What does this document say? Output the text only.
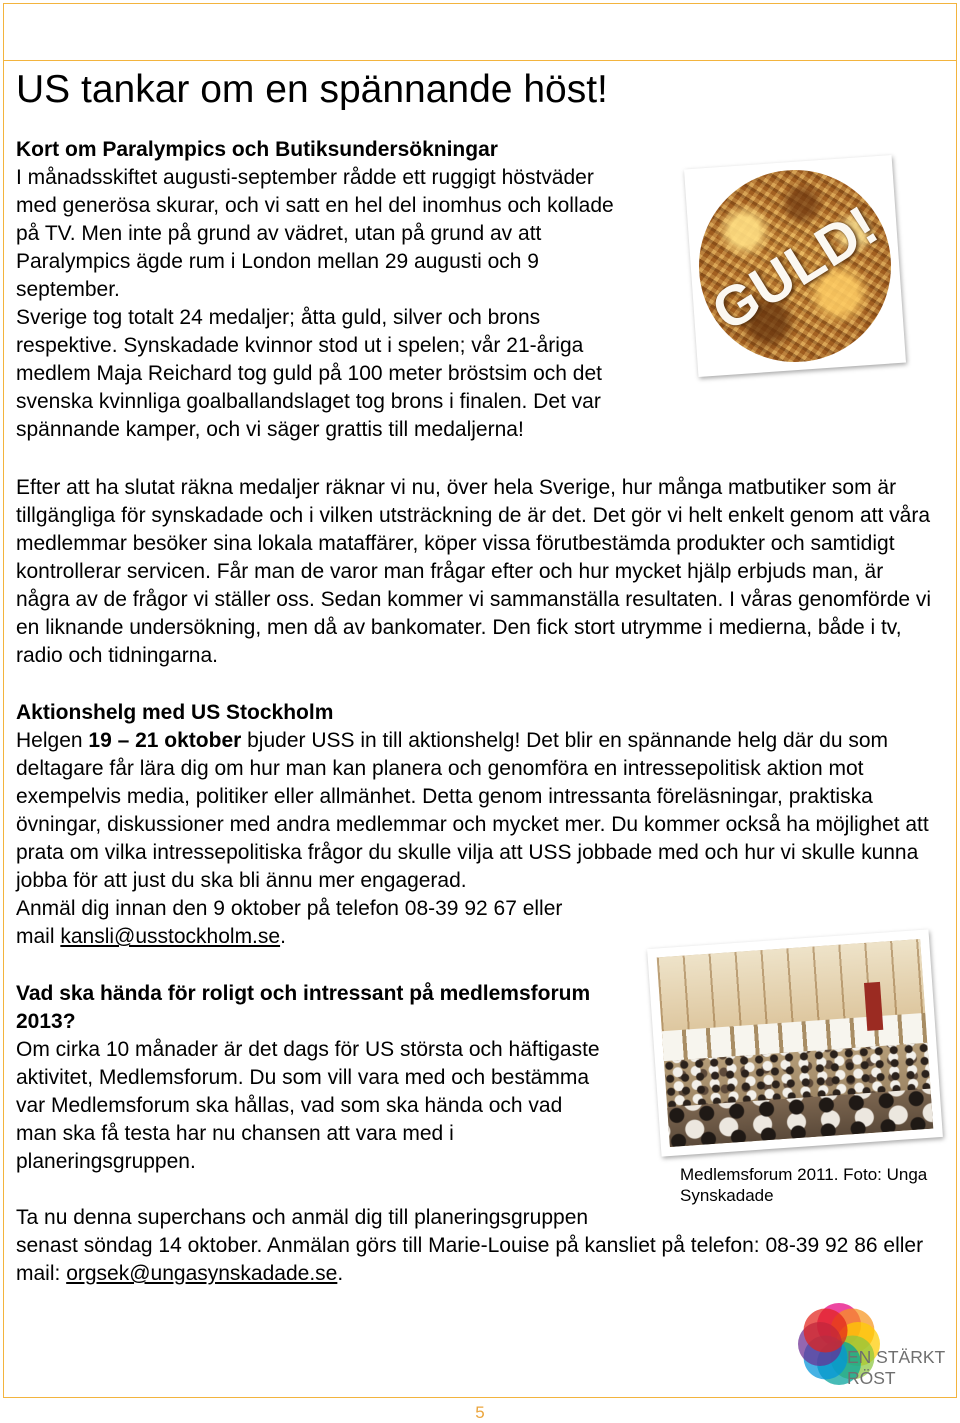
US tankar om en spännande höst!
Kort om Paralympics och Butiksundersökningar
I månadsskiftet augusti-september rådde ett ruggigt höstväder
med generösa skurar, och vi satt en hel del inomhus och kollade
på TV. Men inte på grund av vädret, utan på grund av att
Paralympics ägde rum i London mellan 29 augusti och 9
september.
Sverige tog totalt 24 medaljer; åtta guld, silver och brons
respektive. Synskadade kvinnor stod ut i spelen; vår 21-åriga
medlem Maja Reichard tog guld på 100 meter bröstsim och det
svenska kvinnliga goalballandslaget tog brons i finalen. Det var
spännande kamper, och vi säger grattis till medaljerna!
GULD!
Efter att ha slutat räkna medaljer räknar vi nu, över hela Sverige, hur många matbutiker som är
tillgängliga för synskadade och i vilken utsträckning de är det. Det gör vi helt enkelt genom att våra
medlemmar besöker sina lokala mataffärer, köper vissa förutbestämda produkter och samtidigt
kontrollerar servicen. Får man de varor man frågar efter och hur mycket hjälp erbjuds man, är
några av de frågor vi ställer oss. Sedan kommer vi sammanställa resultaten. I våras genomförde vi
en liknande undersökning, men då av bankomater. Den fick stort utrymme i medierna, både i tv,
radio och tidningarna.
Aktionshelg med US Stockholm
Helgen 19 – 21 oktober bjuder USS in till aktionshelg! Det blir en spännande helg där du som
deltagare får lära dig om hur man kan planera och genomföra en intressepolitisk aktion mot
exempelvis media, politiker eller allmänhet. Detta genom intressanta föreläsningar, praktiska
övningar, diskussioner med andra medlemmar och mycket mer. Du kommer också ha möjlighet att
prata om vilka intressepolitiska frågor du skulle vilja att USS jobbade med och hur vi skulle kunna
jobba för att just du ska bli ännu mer engagerad.
Anmäl dig innan den 9 oktober på telefon 08-39 92 67 eller
mail kansli@usstockholm.se.
Vad ska hända för roligt och intressant på medlemsforum
2013?
Om cirka 10 månader är det dags för US största och häftigaste
aktivitet, Medlemsforum. Du som vill vara med och bestämma
var Medlemsforum ska hållas, vad som ska hända och vad
man ska få testa har nu chansen att vara med i
planeringsgruppen.
Ta nu denna superchans och anmäl dig till planeringsgruppen
senast söndag 14 oktober. Anmälan görs till Marie-Louise på kansliet på telefon: 08-39 92 86 eller
mail: orgsek@ungasynskadade.se.
Medlemsforum 2011. Foto: Unga
Synskadade
EN STÄRKT
RÖST
5
